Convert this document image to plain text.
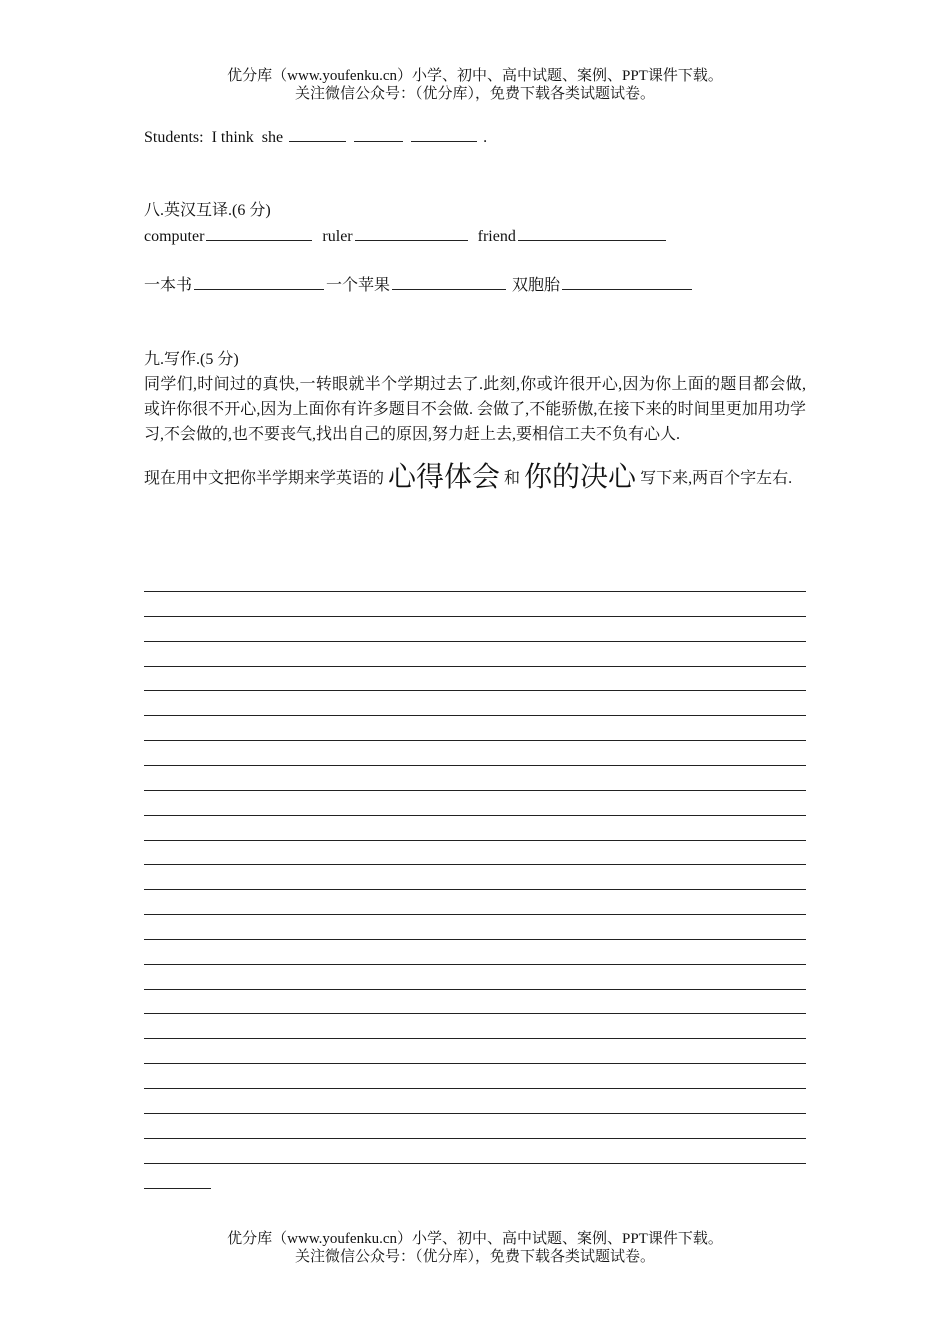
优分库（www.youfenku.cn）小学、初中、高中试题、案例、PPT课件下载。
关注微信公众号：（优分库），免费下载各类试题试卷。
Students:  I think  she	.
八.英汉互译.(6 分)
computer	ruler	friend
一本书	一个苹果	双胞胎
九.写作.(5 分)
同学们,时间过的真快,一转眼就半个学期过去了.此刻,你或许很开心,因为你上面的题目都会做,或许你很不开心,因为上面你有许多题目不会做. 会做了,不能骄傲,在接下来的时间里更加用功学习,不会做的,也不要丧气,找出自己的原因,努力赶上去,要相信工夫不负有心人.
现在用中文把你半学期来学英语的 心得体会 和 你的决心 写下来,两百个字左右.
优分库（www.youfenku.cn）小学、初中、高中试题、案例、PPT课件下载。
关注微信公众号：（优分库），免费下载各类试题试卷。
